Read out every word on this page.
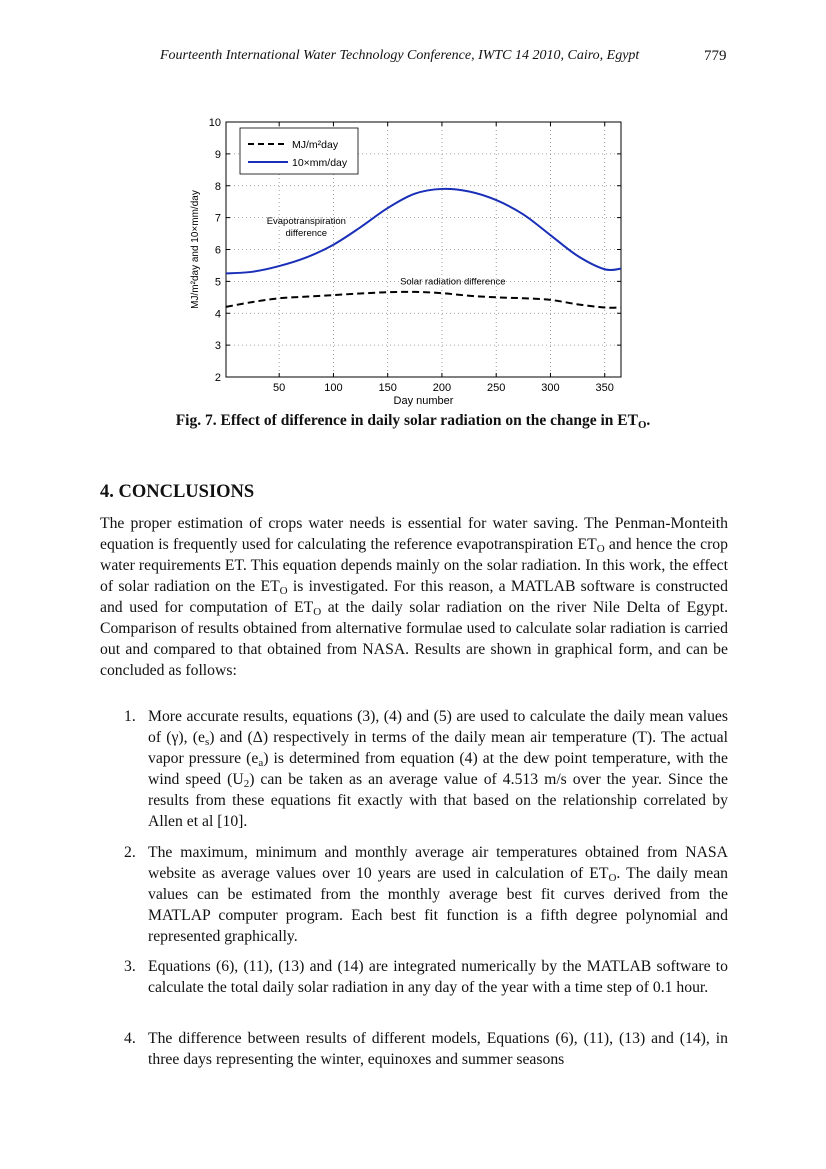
Fourteenth International Water Technology Conference, IWTC 14 2010, Cairo, Egypt	779
50	100	150	200	250	300	350
2
3
4
5
6
7
8
9
10
Day number
MJ/m²day and 10×mm/day	Evapotranspiration
difference
Solar radiation difference
MJ/m²day
10×mm/day
Fig. 7. Effect of difference in daily solar radiation on the change in $ET_O$.
4. CONCLUSIONS
The proper estimation of crops water needs is essential for water saving. The Penman-Monteith equation is frequently used for calculating the reference evapotranspiration $ET_O$ and hence the crop water requirements ET. This equation depends mainly on the solar radiation. In this work, the effect of solar radiation on the $ET_O$ is investigated. For this reason, a MATLAB software is constructed and used for computation of $ET_O$ at the daily solar radiation on the river Nile Delta of Egypt. Comparison of results obtained from alternative formulae used to calculate solar radiation is carried out and compared to that obtained from NASA. Results are shown in graphical form, and can be concluded as follows:
1. More accurate results, equations (3), (4) and (5) are used to calculate the daily mean values of (γ), $(e_s)$ and (Δ) respectively in terms of the daily mean air temperature (T). The actual vapor pressure $(e_a)$ is determined from equation (4) at the dew point temperature, with the wind speed $(U_2)$ can be taken as an average value of 4.513 m/s over the year. Since the results from these equations fit exactly with that based on the relationship correlated by Allen et al [10].
2. The maximum, minimum and monthly average air temperatures obtained from NASA website as average values over 10 years are used in calculation of $ET_O$. The daily mean values can be estimated from the monthly average best fit curves derived from the MATLAP computer program. Each best fit function is a fifth degree polynomial and represented graphically.
3. Equations (6), (11), (13) and (14) are integrated numerically by the MATLAB software to calculate the total daily solar radiation in any day of the year with a time step of 0.1 hour.
4. The difference between results of different models, Equations (6), (11), (13) and (14), in three days representing the winter, equinoxes and summer seasons
